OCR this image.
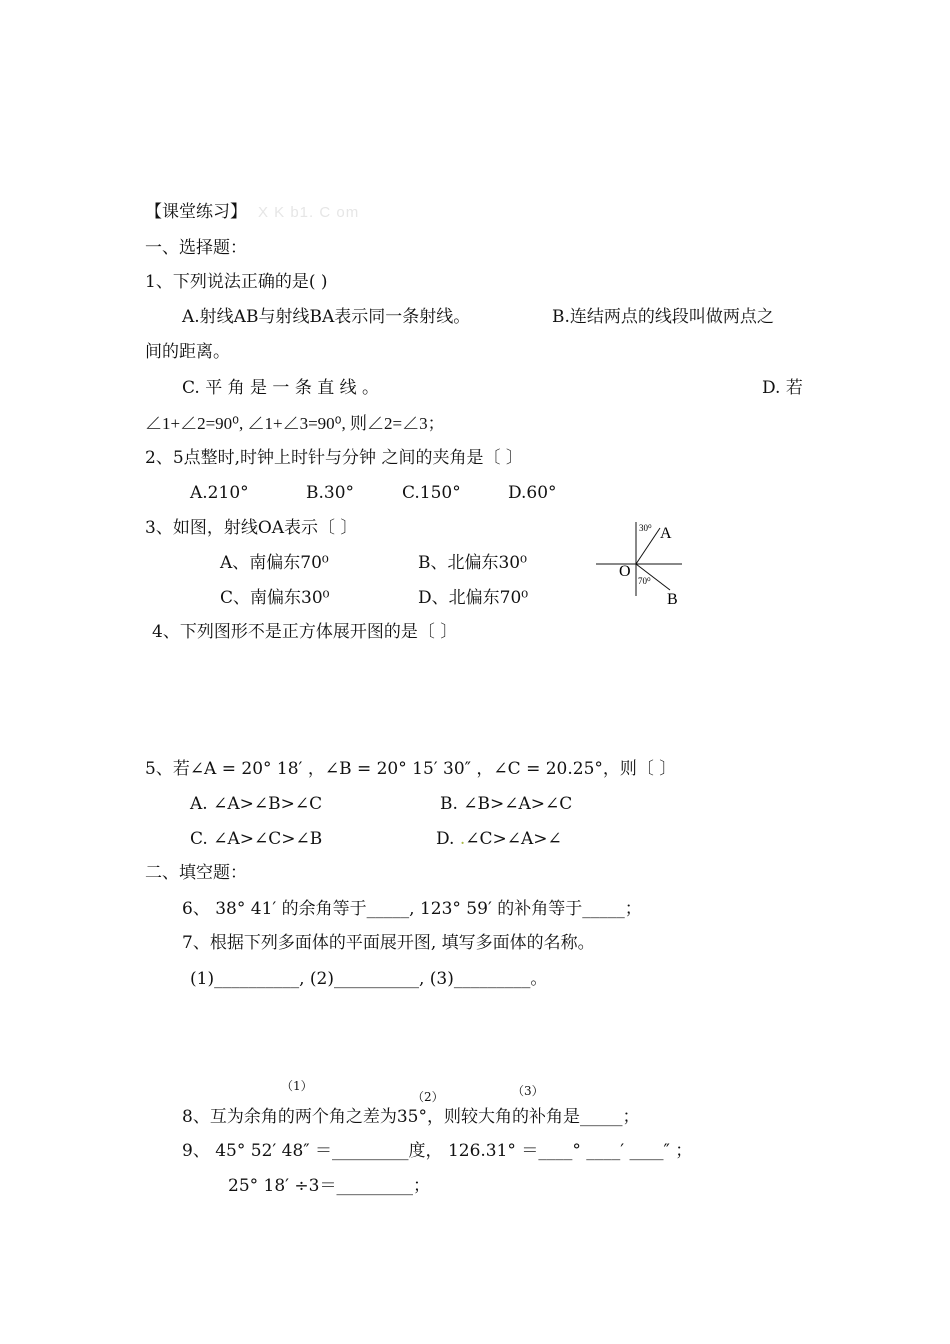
【课堂练习】 X K b1. C om
一、选择题：
1、下列说法正确的是( )
A.射线AB与射线BA表示同一条射线。	B.连结两点的线段叫做两点之
间的距离。
C. 平 角 是 一 条 直 线 。	D. 若
∠1+∠2=90⁰, ∠1+∠3=90⁰, 则∠2=∠3；
2、5点整时,时钟上时针与分钟 之间的夹角是〔 〕
A.210°	B.30°	C.150°	D.60°
3、如图，射线OA表示〔 〕
A、南偏东70⁰	B、北偏东30⁰
C、南偏东30⁰	D、北偏东70⁰
30⁰
70⁰
A
O
B
4、下列图形不是正方体展开图的是〔 〕
5、若∠A = 20° 18′ ，∠B = 20° 15′ 30″ ，∠C = 20.25°，则〔 〕
A. ∠A>∠B>∠C	B. ∠B>∠A>∠C
C. ∠A>∠C>∠B	D. .∠C>∠A>∠
二、填空题：
6、 38° 41′ 的余角等于_____, 123° 59′ 的补角等于_____；
7、根据下列多面体的平面展开图, 填写多面体的名称。
(1)__________, (2)__________, (3)_________。
（1）
（2）	（3）
8、互为余角的两个角之差为35°，则较大角的补角是_____；
9、 45° 52′ 48″ ＝_________度， 126.31° ＝____° ____′ ____″ ；
25° 18′ ÷3＝_________；
